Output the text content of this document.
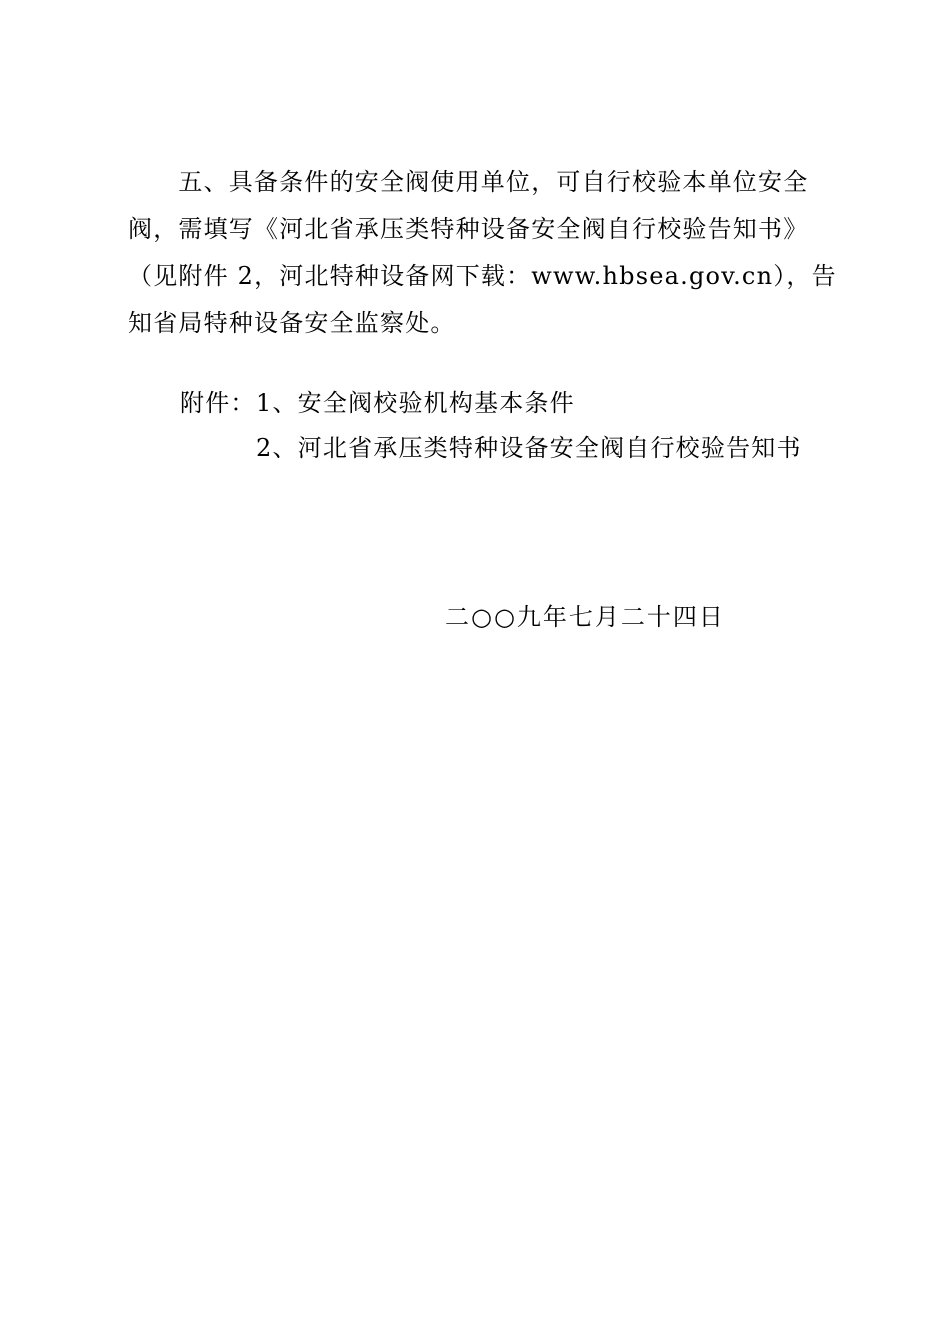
　　五、具备条件的安全阀使用单位，可自行校验本单位安全
阀，需填写《河北省承压类特种设备安全阀自行校验告知书》
（见附件 2，河北特种设备网下载：www.hbsea.gov.cn），告
知省局特种设备安全监察处。
附件： 1、安全阀校验机构基本条件
2、河北省承压类特种设备安全阀自行校验告知书
二○○九年七月二十四日
